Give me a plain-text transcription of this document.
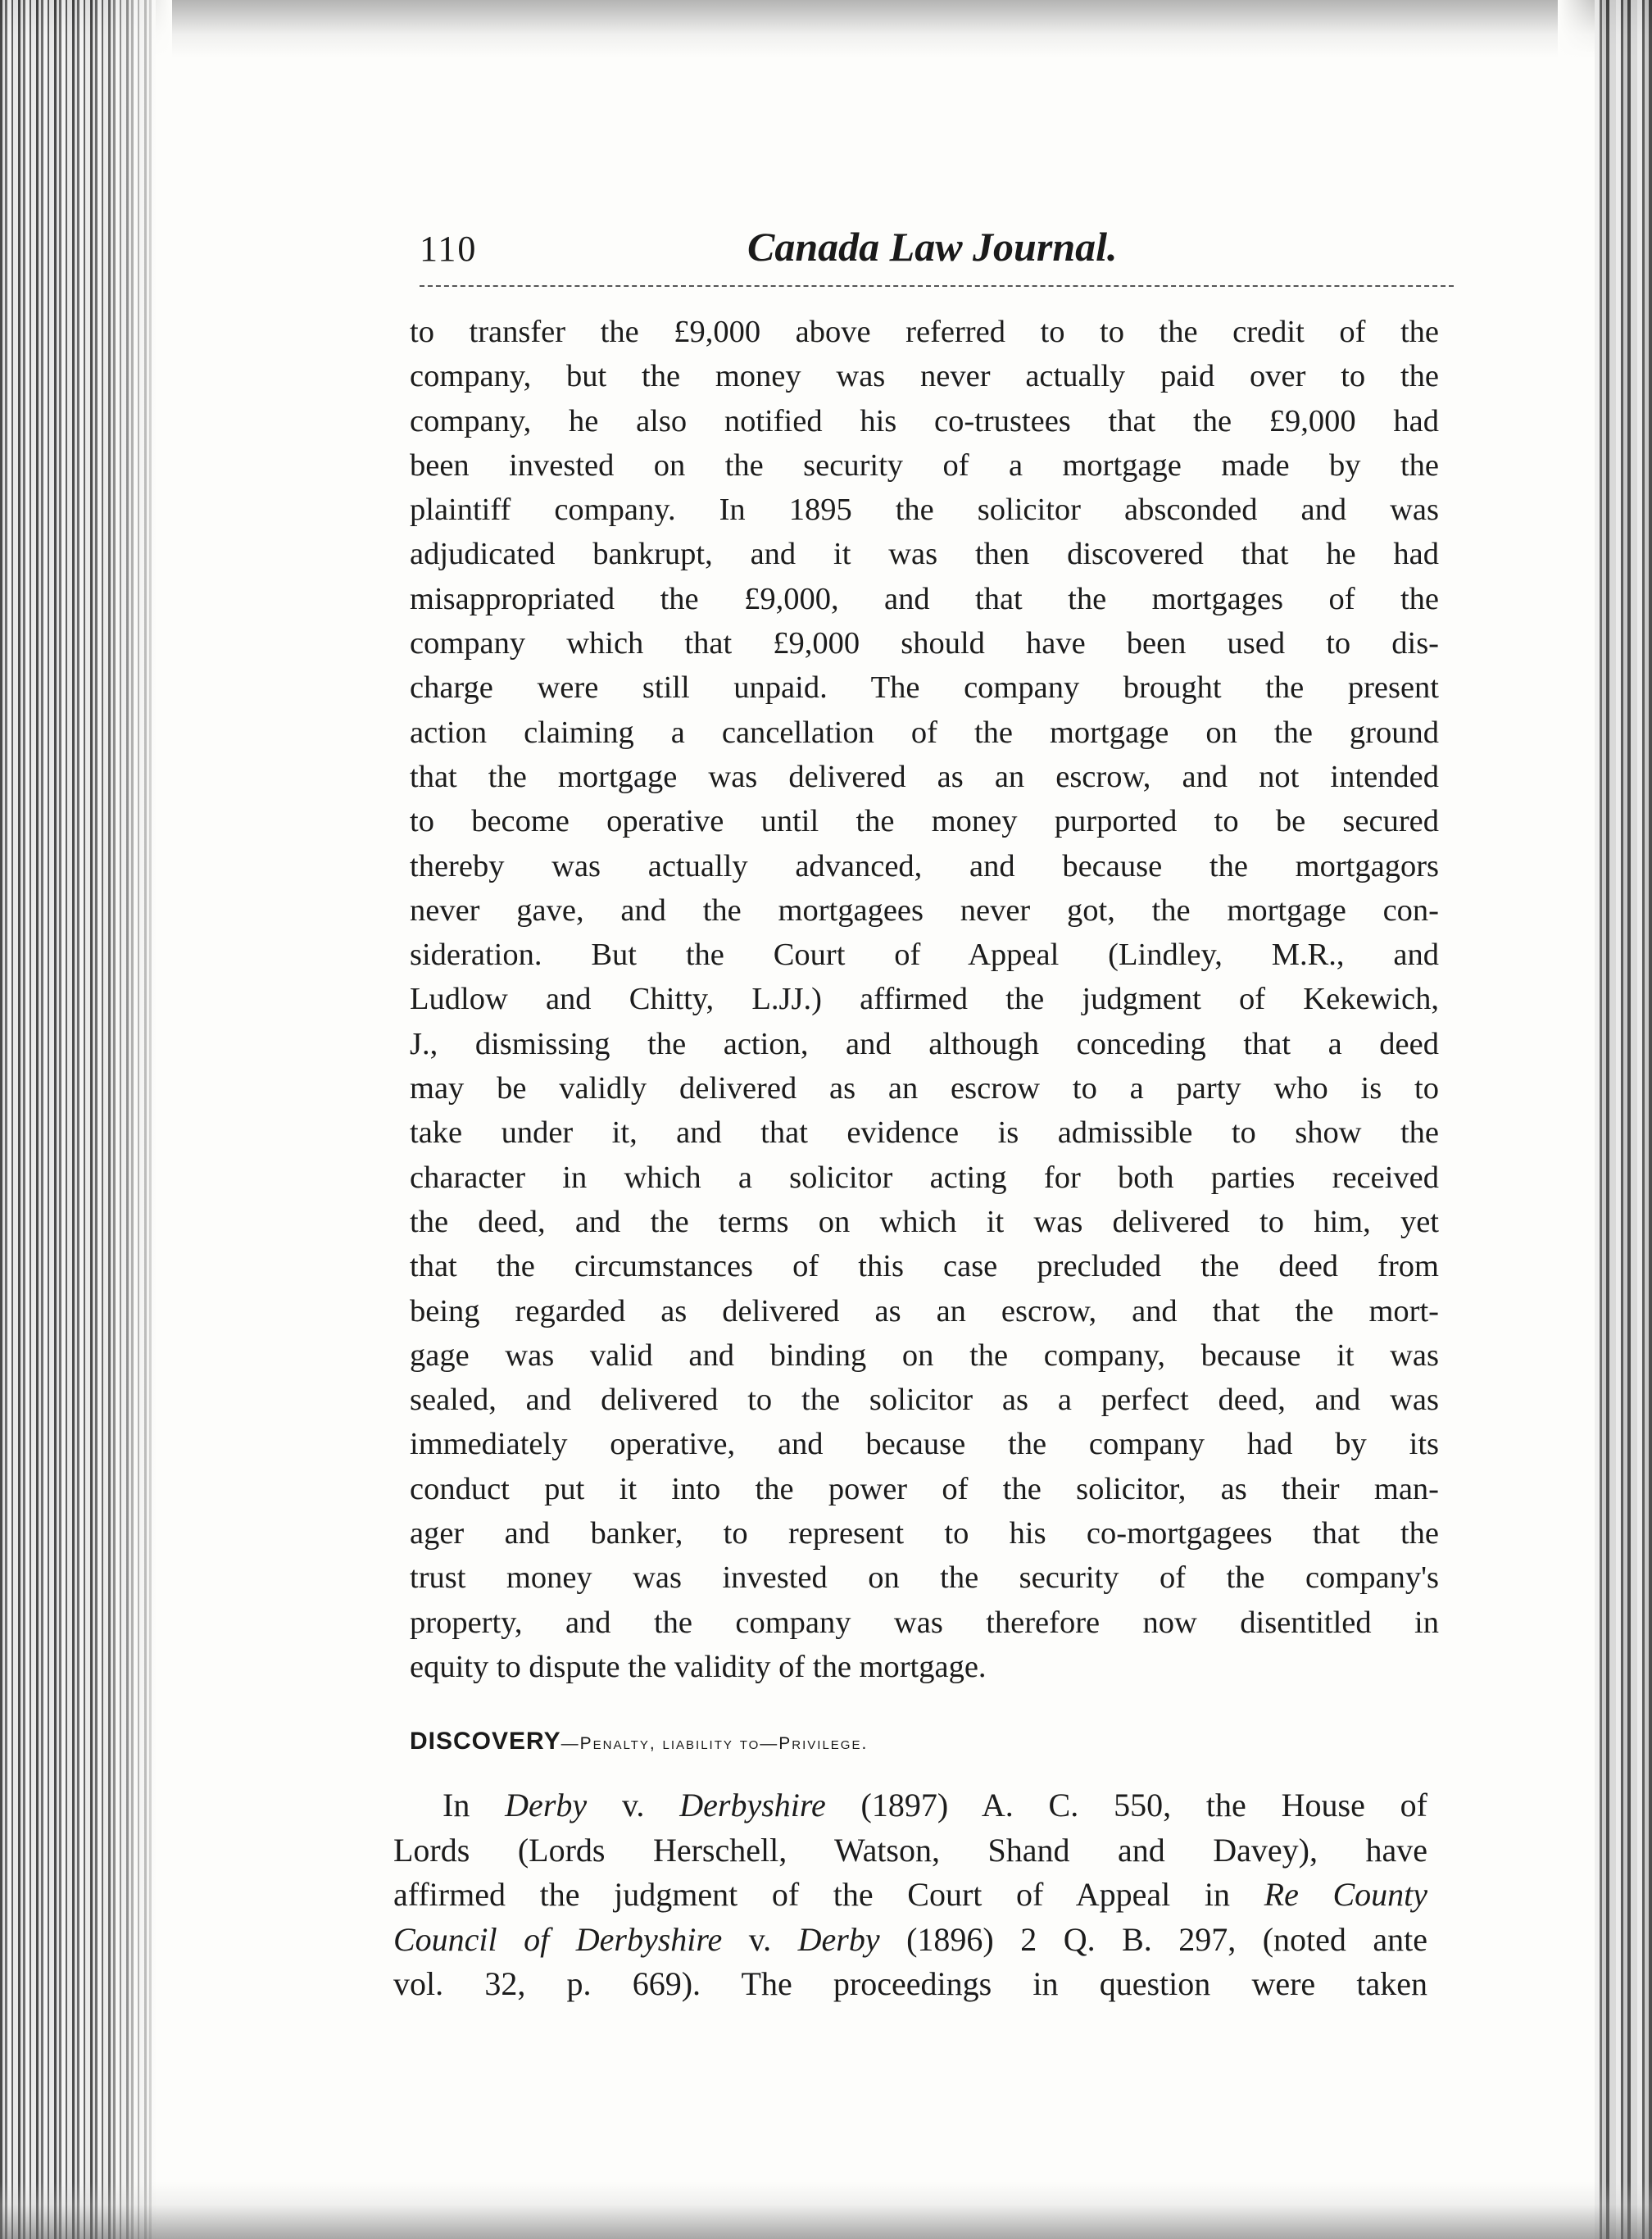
110	Canada Law Journal.
to transfer the £9,000 above referred to to the credit of the
company, but the money was never actually paid over to the
company, he also notified his co-trustees that the £9,000 had
been invested on the security of a mortgage made by the
plaintiff company. In 1895 the solicitor absconded and was
adjudicated bankrupt, and it was then discovered that he had
misappropriated the £9,000, and that the mortgages of the
company which that £9,000 should have been used to dis-
charge were still unpaid. The company brought the present
action claiming a cancellation of the mortgage on the ground
that the mortgage was delivered as an escrow, and not intended
to become operative until the money purported to be secured
thereby was actually advanced, and because the mortgagors
never gave, and the mortgagees never got, the mortgage con-
sideration. But the Court of Appeal (Lindley, M.R., and
Ludlow and Chitty, L.JJ.) affirmed the judgment of Kekewich,
J., dismissing the action, and although conceding that a deed
may be validly delivered as an escrow to a party who is to
take under it, and that evidence is admissible to show the
character in which a solicitor acting for both parties received
the deed, and the terms on which it was delivered to him, yet
that the circumstances of this case precluded the deed from
being regarded as delivered as an escrow, and that the mort-
gage was valid and binding on the company, because it was
sealed, and delivered to the solicitor as a perfect deed, and was
immediately operative, and because the company had by its
conduct put it into the power of the solicitor, as their man-
ager and banker, to represent to his co-mortgagees that the
trust money was invested on the security of the company's
property, and the company was therefore now disentitled in
equity to dispute the validity of the mortgage.
DISCOVERY—Penalty, liability to—Privilege.
In Derby v. Derbyshire (1897) A. C. 550, the House of
Lords (Lords Herschell, Watson, Shand and Davey), have
affirmed the judgment of the Court of Appeal in Re County
Council of Derbyshire v. Derby (1896) 2 Q. B. 297, (noted ante
vol. 32, p. 669). The proceedings in question were taken
